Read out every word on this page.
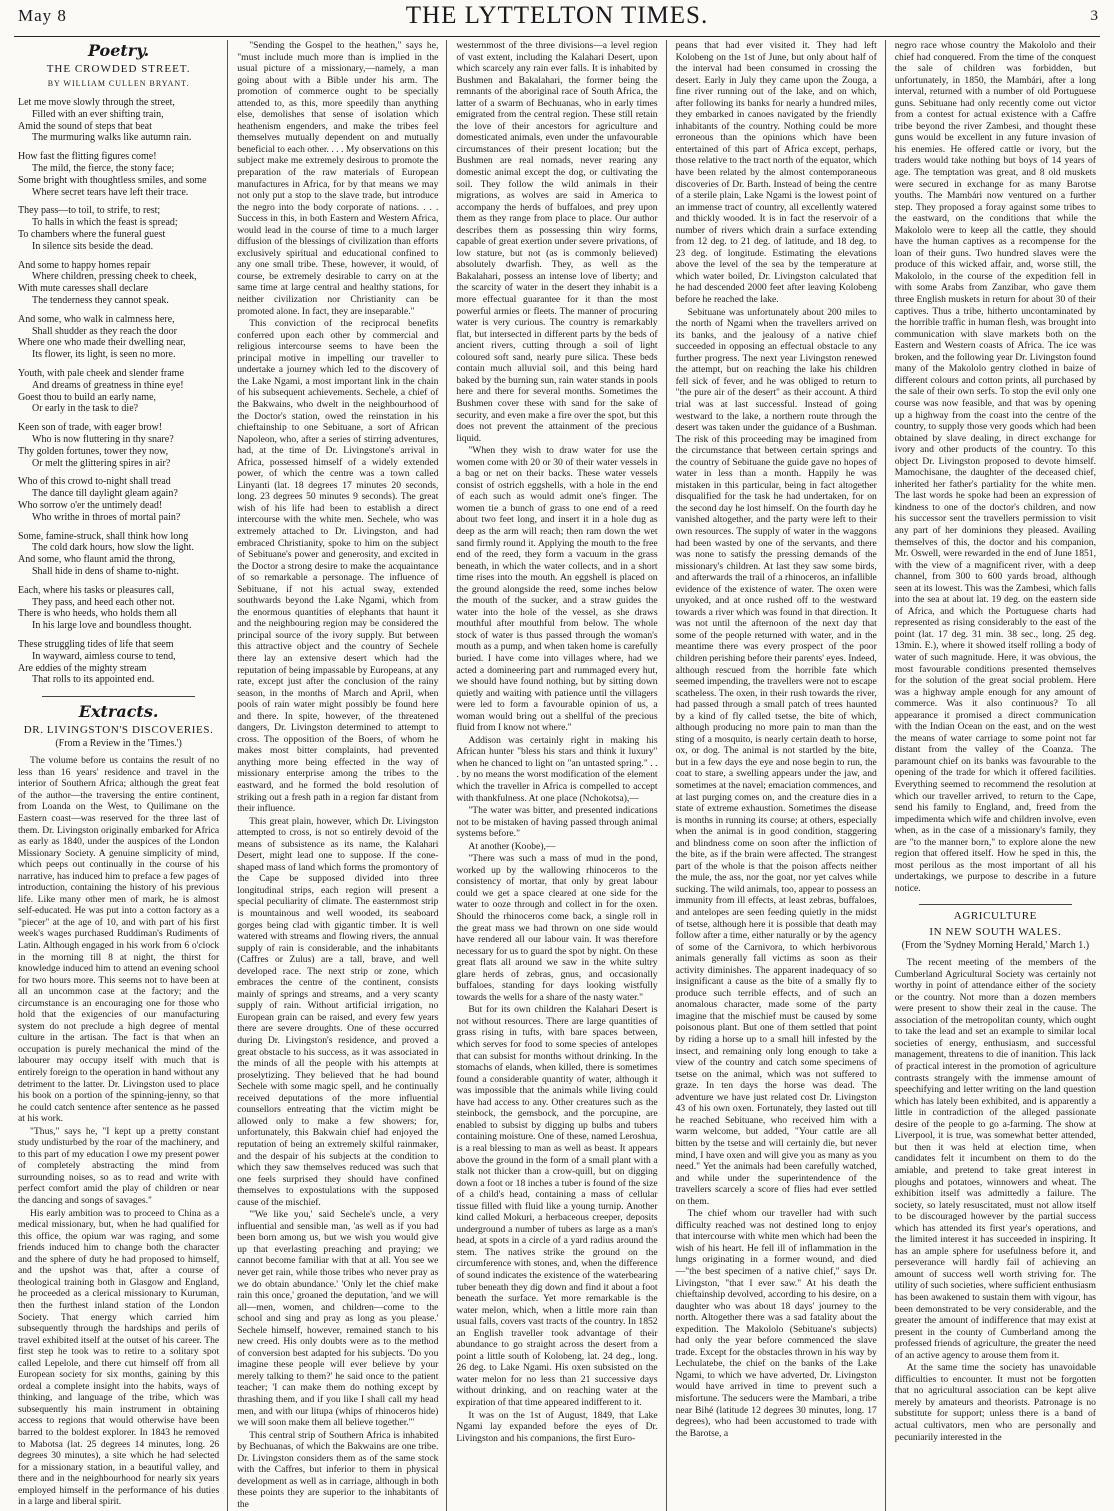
May 8	THE LYTTELTON TIMES.	3
Poetry.
THE CROWDED STREET.
BY WILLIAM CULLEN BRYANT.
Let me move slowly through the street,
Filled with an ever shifting train,
Amid the sound of steps that beat
The murmuring walks like autumn rain.
How fast the flitting figures come!
The mild, the fierce, the stony face;
Some bright with thoughtless smiles, and some
Where secret tears have left their trace.
They pass—to toil, to strife, to rest;
To halls in which the feast is spread;
To chambers where the funeral guest
In silence sits beside the dead.
And some to happy homes repair
Where children, pressing cheek to cheek,
With mute caresses shall declare
The tenderness they cannot speak.
And some, who walk in calmness here,
Shall shudder as they reach the door
Where one who made their dwelling near,
Its flower, its light, is seen no more.
Youth, with pale cheek and slender frame
And dreams of greatness in thine eye!
Goest thou to build an early name,
Or early in the task to die?
Keen son of trade, with eager brow!
Who is now fluttering in thy snare?
Thy golden fortunes, tower they now,
Or melt the glittering spires in air?
Who of this crowd to-night shall tread
The dance till daylight gleam again?
Who sorrow o'er the untimely dead!
Who writhe in throes of mortal pain?
Some, famine-struck, shall think how long
The cold dark hours, how slow the light.
And some, who flaunt amid the throng,
Shall hide in dens of shame to-night.
Each, where his tasks or pleasures call,
They pass, and heed each other not.
There is who heeds, who holds them all
In his large love and boundless thought.
These struggling tides of life that seem
In wayward, aimless course to tend,
Are eddies of the mighty stream
That rolls to its appointed end.
Extracts.
DR. LIVINGSTON'S DISCOVERIES.
(From a Review in the 'Times.')

The volume before us contains the result of no less than 16 years' residence and travel in the interior of Southern Africa; although the great feat of the author—the traversing the entire continent, from Loanda on the West, to Quilimane on the Eastern coast—was reserved for the three last of them. Dr. Livingston originally embarked for Africa as early as 1840, under the auspices of the London Missionary Society. A genuine simplicity of mind, which peeps out continually in the course of his narrative, has induced him to preface a few pages of introduction, containing the history of his previous life. Like many other men of mark, he is almost self-educated. He was put into a cotton factory as a "piecer" at the age of 10, and with part of his first week's wages purchased Ruddiman's Rudiments of Latin. Although engaged in his work from 6 o'clock in the morning till 8 at night, the thirst for knowledge induced him to attend an evening school for two hours more. This seems not to have been at all an uncommon case at the factory; and the circumstance is an encouraging one for those who hold that the exigencies of our manufacturing system do not preclude a high degree of mental culture in the artisan. The fact is that when an occupation is purely mechanical the mind of the labourer may occupy itself with much that is entirely foreign to the operation in hand without any detriment to the latter. Dr. Livingston used to place his book on a portion of the spinning-jenny, so that he could catch sentence after sentence as he passed at his work.

"Thus," says he, "I kept up a pretty constant study undisturbed by the roar of the machinery, and to this part of my education I owe my present power of completely abstracting the mind from surrounding noises, so as to read and write with perfect comfort amid the play of children or near the dancing and songs of savages."

His early ambition was to proceed to China as a medical missionary, but, when he had qualified for this office, the opium war was raging, and some friends induced him to change both the character and the sphere of duty he had proposed to himself, and the upshot was that, after a course of theological training both in Glasgow and England, he proceeded as a clerical missionary to Kuruman, then the furthest inland station of the London Society. That energy which carried him subsequently through the hardships and perils of travel exhibited itself at the outset of his career. The first step he took was to retire to a solitary spot called Lepelole, and there cut himself off from all European society for six months, gaining by this ordeal a complete insight into the habits, ways of thinking, and language of the tribe, which was subsequently his main instrument in obtaining access to regions that would otherwise have been barred to the boldest explorer. In 1843 he removed to Mabotsa (lat. 25 degrees 14 minutes, long. 26 degrees 30 minutes), a site which he had selected for a missionary station, in a beautiful valley, and there and in the neighbourhood for nearly six years employed himself in the performance of his duties in a large and liberal spirit.

"Sending the Gospel to the heathen," says he, "must include much more than is implied in the usual picture of a missionary,—namely, a man going about with a Bible under his arm. The promotion of commerce ought to be specially attended to, as this, more speedily than anything else, demolishes that sense of isolation which heathenism engenders, and make the tribes feel themselves mutually dependent on and mutually beneficial to each other. . . . My observations on this subject make me extremely desirous to promote the preparation of the raw materials of European manufactures in Africa, for by that means we may not only put a stop to the slave trade, but introduce the negro into the body corporate of nations. . . . Success in this, in both Eastern and Western Africa, would lead in the course of time to a much larger diffusion of the blessings of civilization than efforts exclusively spiritual and educational confined to any one small tribe. These, however, it would, of course, be extremely desirable to carry on at the same time at large central and healthy stations, for neither civilization nor Christianity can be promoted alone. In fact, they are inseparable."

This conviction of the reciprocal benefits conferred upon each other by commercial and religious intercourse seems to have been the principal motive in impelling our traveller to undertake a journey which led to the discovery of the Lake Ngami, a most important link in the chain of his subsequent achievements. Sechele, a chief of the Bakwains, who dwelt in the neighbourhood of the Doctor's station, owed the reinstation in his chieftainship to one Sebituane, a sort of African Napoleon, who, after a series of stirring adventures, had, at the time of Dr. Livingstone's arrival in Africa, possessed himself of a widely extended power, of which the centre was a town called Linyanti (lat. 18 degrees 17 minutes 20 seconds, long. 23 degrees 50 minutes 9 seconds). The great wish of his life had been to establish a direct intercourse with the white men. Sechele, who was extremely attached to Dr. Livingston, and had embraced Christianity, spoke to him on the subject of Sebituane's power and generosity, and excited in the Doctor a strong desire to make the acquaintance of so remarkable a personage. The influence of Sebituane, if not his actual sway, extended southwards beyond the Lake Ngami, which from the enormous quantities of elephants that haunt it and the neighbouring region may be considered the principal source of the ivory supply. But between this attractive object and the country of Sechele there lay an extensive desert which had the reputation of being impassable by Europeans, at any rate, except just after the conclusion of the rainy season, in the months of March and April, when pools of rain water might possibly be found here and there. In spite, however, of the threatened dangers, Dr. Livingston determined to attempt to cross. The opposition of the Boers, of whom he makes most bitter complaints, had prevented anything more being effected in the way of missionary enterprise among the tribes to the eastward, and he formed the bold resolution of striking out a fresh path in a region far distant from their influence.

This great plain, however, which Dr. Livingston attempted to cross, is not so entirely devoid of the means of subsistence as its name, the Kalahari Desert, might lead one to suppose. If the cone-shaped mass of land which forms the promontory of the Cape be supposed divided into three longitudinal strips, each region will present a special peculiarity of climate. The easternmost strip is mountainous and well wooded, its seaboard gorges being clad with gigantic timber. It is well watered with streams and flowing rivers, the annual supply of rain is considerable, and the inhabitants (Caffres or Zulus) are a tall, brave, and well developed race. The next strip or zone, which embraces the centre of the continent, consists mainly of springs and streams, and a very scanty supply of rain. Without artificial irrigation, no European grain can be raised, and every few years there are severe droughts. One of these occurred during Dr. Livingston's residence, and proved a great obstacle to his success, as it was associated in the minds of all the people with his attempts at proselytizing. They believed that he had bound Sechele with some magic spell, and he continually received deputations of the more influential counsellors entreating that the victim might be allowed only to make a few showers; for, unfortunately, this Bakwain chief had enjoyed the reputation of being an extremely skilful rainmaker, and the despair of his subjects at the condition to which they saw themselves reduced was such that one feels surprised they should have confined themselves to expostulations with the supposed cause of the mischief.

"'We like you,' said Sechele's uncle, a very influential and sensible man, 'as well as if you had been born among us, but we wish you would give up that everlasting preaching and praying; we cannot become familiar with that at all. You see we never get rain, while those tribes who never pray as we do obtain abundance.' 'Only let the chief make rain this once,' groaned the deputation, 'and we will all—men, women, and children—come to the school and sing and pray as long as you please.' Sechele himself, however, remained stanch to his new creed. His only doubts were as to the method of conversion best adapted for his subjects. 'Do you imagine these people will ever believe by your merely talking to them?' he said once to the patient teacher; 'I can make them do nothing except by thrashing them, and if you like I shall call my head men, and with our litupa (whips of rhinoceros hide) we will soon make them all believe together.'"

This central strip of Southern Africa is inhabited by Bechuanas, of which the Bakwains are one tribe. Dr. Livingston considers them as of the same stock with the Caffres, but inferior to them in physical development as well as in carriage, although in both these points they are superior to the inhabitants of the

westernmost of the three divisions—a level region of vast extent, including the Kalahari Desert, upon which scarcely any rain ever falls. It is inhabited by Bushmen and Bakalahari, the former being the remnants of the aboriginal race of South Africa, the latter of a swarm of Bechuanas, who in early times emigrated from the central region. These still retain the love of their ancestors for agriculture and domesticated animals, even under the unfavourable circumstances of their present location; but the Bushmen are real nomads, never rearing any domestic animal except the dog, or cultivating the soil. They follow the wild animals in their migrations, as wolves are said in America to accompany the herds of buffaloes, and prey upon them as they range from place to place. Our author describes them as possessing thin wiry forms, capable of great exertion under severe privations, of low stature, but not (as is commonly believed) absolutely dwarfish. They, as well as the Bakalahari, possess an intense love of liberty; and the scarcity of water in the desert they inhabit is a more effectual guarantee for it than the most powerful armies or fleets. The manner of procuring water is very curious. The country is remarkably flat, but intersected in different parts by the beds of ancient rivers, cutting through a soil of light coloured soft sand, nearly pure silica. These beds contain much alluvial soil, and this being hard baked by the burning sun, rain water stands in pools here and there for several months. Sometimes the Bushmen cover these with sand for the sake of security, and even make a fire over the spot, but this does not prevent the attainment of the precious liquid.

"When they wish to draw water for use the women come with 20 or 30 of their water vessels in a bag or net on their backs. These water vessels consist of ostrich eggshells, with a hole in the end of each such as would admit one's finger. The women tie a bunch of grass to one end of a reed about two feet long, and insert it in a hole dug as deep as the arm will reach; then ram down the wet sand firmly round it. Applying the mouth to the free end of the reed, they form a vacuum in the grass beneath, in which the water collects, and in a short time rises into the mouth. An eggshell is placed on the ground alongside the reed, some inches below the mouth of the sucker, and a straw guides the water into the hole of the vessel, as she draws mouthful after mouthful from below. The whole stock of water is thus passed through the woman's mouth as a pump, and when taken home is carefully buried. I have come into villages where, had we acted a domineering part and rummaged every hut, we should have found nothing, but by sitting down quietly and waiting with patience until the villagers were led to form a favourable opinion of us, a woman would bring out a shellful of the precious fluid from I know not where."

Addison was certainly right in making his African hunter "bless his stars and think it luxury" when he chanced to light on "an untasted spring." . . . by no means the worst modification of the element which the traveller in Africa is compelled to accept with thankfulness. At one place (Nchokotsa),—

"The water was bitter, and presented indications not to be mistaken of having passed through animal systems before."

At another (Koobe),—

"There was such a mass of mud in the pond, worked up by the wallowing rhinoceros to the consistency of mortar, that only by great labour could we get a space cleared at one side for the water to ooze through and collect in for the oxen. Should the rhinoceros come back, a single roll in the great mass we had thrown on one side would have rendered all our labour vain. It was therefore necessary for us to guard the spot by night. On these great flats all around we saw in the white sultry glare herds of zebras, gnus, and occasionally buffaloes, standing for days looking wistfully towards the wells for a share of the nasty water."

But for its own children the Kalahari Desert is not without resources. There are large quantities of grass rising in tufts, with bare spaces between, which serves for food to some species of antelopes that can subsist for months without drinking. In the stomachs of elands, when killed, there is sometimes found a considerable quantity of water, although it was impossible that the animals while living could have had access to any. Other creatures such as the steinbock, the gemsbock, and the porcupine, are enabled to subsist by digging up bulbs and tubers containing moisture. One of these, named Leroshua, is a real blessing to man as well as beast. It appears above the ground in the form of a small plant with a stalk not thicker than a crow-quill, but on digging down a foot or 18 inches a tuber is found of the size of a child's head, containing a mass of cellular tissue filled with fluid like a young turnip. Another kind called Mokuri, a herbaceous creeper, deposits underground a number of tubers as large as a man's head, at spots in a circle of a yard radius around the stem. The natives strike the ground on the circumference with stones, and, when the difference of sound indicates the existence of the waterbearing tuber beneath they dig down and find it about a foot beneath the surface. Yet more remarkable is the water melon, which, when a little more rain than usual falls, covers vast tracts of the country. In 1852 an English traveller took advantage of their abundance to go straight across the desert from a point a little south of Kolobeng, lat. 24 deg., long. 26 deg. to Lake Ngami. His oxen subsisted on the water melon for no less than 21 successive days without drinking, and on reaching water at the expiration of that time appeared indifferent to it.

It was on the 1st of August, 1849, that Lake Ngami lay expanded before the eyes of Dr. Livingston and his companions, the first Euro-

peans that had ever visited it. They had left Kolobeng on the 1st of June, but only about half of the interval had been consumed in crossing the desert. Early in July they came upon the Zouga, a fine river running out of the lake, and on which, after following its banks for nearly a hundred miles, they embarked in canoes navigated by the friendly inhabitants of the country. Nothing could be more erroneous than the opinions which have been entertained of this part of Africa except, perhaps, those relative to the tract north of the equator, which have been related by the almost contemporaneous discoveries of Dr. Barth. Instead of being the centre of a sterile plain, Lake Ngami is the lowest point of an immense tract of country, all excellently watered and thickly wooded. It is in fact the reservoir of a number of rivers which drain a surface extending from 12 deg. to 21 deg. of latitude, and 18 deg. to 23 deg. of longitude. Estimating the elevations above the level of the sea by the temperature at which water boiled, Dr. Livingston calculated that he had descended 2000 feet after leaving Kolobeng before he reached the lake.

Sebituane was unfortunately about 200 miles to the north of Ngami when the travellers arrived on its banks, and the jealousy of a native chief succeeded in opposing an effectual obstacle to any further progress. The next year Livingston renewed the attempt, but on reaching the lake his children fell sick of fever, and he was obliged to return to "the pure air of the desert" as their account. A third trial was at last successful. Instead of going westward to the lake, a northern route through the desert was taken under the guidance of a Bushman. The risk of this proceeding may be imagined from the circumstance that between certain springs and the country of Sebituane the guide gave no hopes of water in less than a month. Happily he was mistaken in this particular, being in fact altogether disqualified for the task he had undertaken, for on the second day he lost himself. On the fourth day he vanished altogether, and the party were left to their own resources. The supply of water in the waggons had been wasted by one of the servants, and there was none to satisfy the pressing demands of the missionary's children. At last they saw some birds, and afterwards the trail of a rhinoceros, an infallible evidence of the existence of water. The oxen were unyoked, and at once rushed off to the westward towards a river which was found in that direction. It was not until the afternoon of the next day that some of the people returned with water, and in the meantime there was every prospect of the poor children perishing before their parents' eyes. Indeed, although rescued from the horrible fate which seemed impending, the travellers were not to escape scatheless. The oxen, in their rush towards the river, had passed through a small patch of trees haunted by a kind of fly called tsetse, the bite of which, although producing no more pain to man than the sting of a mosquito, is nearly certain death to horse, ox, or dog. The animal is not startled by the bite, but in a few days the eye and nose begin to run, the coat to stare, a swelling appears under the jaw, and sometimes at the navel; emaciation commences, and at last purging comes on, and the creature dies in a state of extreme exhaustion. Sometimes the disease is months in running its course; at others, especially when the animal is in good condition, staggering and blindness come on soon after the infliction of the bite, as if the brain were affected. The strangest part of the whole is that the poison affects neither the mule, the ass, nor the goat, nor yet calves while sucking. The wild animals, too, appear to possess an immunity from ill effects, at least zebras, buffaloes, and antelopes are seen feeding quietly in the midst of tsetse, although here it is possible that death may follow after a time, either naturally or by the agency of some of the Carnivora, to which herbivorous animals generally fall victims as soon as their activity diminishes. The apparent inadequacy of so insignificant a cause as the bite of a smally fly to produce such terrible effects, and of such an anomalous character, made some of the party imagine that the mischief must be caused by some poisonous plant. But one of them settled that point by riding a horse up to a small hill infested by the insect, and remaining only long enough to take a view of the country and catch some specimens of tsetse on the animal, which was not suffered to graze. In ten days the horse was dead. The adventure we have just related cost Dr. Livingston 43 of his own oxen. Fortunately, they lasted out till he reached Sebituane, who received him with a warm welcome, but added, "Your cattle are all bitten by the tsetse and will certainly die, but never mind, I have oxen and will give you as many as you need." Yet the animals had been carefully watched, and while under the superintendence of the travellers scarcely a score of flies had ever settled on them.

The chief whom our traveller had with such difficulty reached was not destined long to enjoy that intercourse with white men which had been the wish of his heart. He fell ill of inflammation in the lungs originating in a former wound, and died—"the best specimen of a native chief," says Dr. Livingston, "that I ever saw." At his death the chieftainship devolved, according to his desire, on a daughter who was about 18 days' journey to the north. Altogether there was a sad fatality about the expedition. The Makololo (Sebituane's subjects) had only the year before commenced the slave trade. Except for the obstacles thrown in his way by Lechulatebe, the chief on the banks of the Lake Ngami, to which we have adverted, Dr. Livingston would have arrived in time to prevent such a misfortune. The seducers were the Mambari, a tribe near Bihé (latitude 12 degrees 30 minutes, long. 17 degrees), who had been accustomed to trade with the Barotse, a

negro race whose country the Makololo and their chief had conquered. From the time of the conquest the sale of children was forbidden, but unfortunately, in 1850, the Mambári, after a long interval, returned with a number of old Portuguese guns. Sebituane had only recently come out victor from a contest for actual existence with a Caffre tribe beyond the river Zambesi, and thought these guns would be excellent in any future invasion of his enemies. He offered cattle or ivory, but the traders would take nothing but boys of 14 years of age. The temptation was great, and 8 old muskets were secured in exchange for as many Barotse youths. The Mambári now ventured on a further step. They proposed a foray against some tribes to the eastward, on the conditions that while the Makololo were to keep all the cattle, they should have the human captives as a recompense for the loan of their guns. Two hundred slaves were the produce of this wicked affair, and, worse still, the Makololo, in the course of the expedition fell in with some Arabs from Zanzibar, who gave them three English muskets in return for about 30 of their captives. Thus a tribe, hitherto uncontaminated by the horrible traffic in human flesh, was brought into communication with slave markets both on the Eastern and Western coasts of Africa. The ice was broken, and the following year Dr. Livingston found many of the Makololo gentry clothed in baize of different colours and cotton prints, all purchased by the sale of their own serfs. To stop the evil only one course was now feasible, and that was by opening up a highway from the coast into the centre of the country, to supply those very goods which had been obtained by slave dealing, in direct exchange for ivory and other products of the country. To this object Dr. Livingston proposed to devote himself. Mamochisane, the daughter of the deceased chief, inherited her father's partiality for the white men. The last words he spoke had been an expression of kindness to one of the doctor's children, and now his successor sent the travellers permission to visit any part of her dominions they pleased. Availing themselves of this, the doctor and his companion, Mr. Oswell, were rewarded in the end of June 1851, with the view of a magnificent river, with a deep channel, from 300 to 600 yards broad, although seen at its lowest. This was the Zambesi, which falls into the sea at about lat. 19 deg. on the eastern side of Africa, and which the Portuguese charts had represented as rising considerably to the east of the point (lat. 17 deg. 31 min. 38 sec., long. 25 deg. 13min. E.), where it showed itself rolling a body of water of such magnitude. Here, it was obvious, the most favourable conditions presented themselves for the solution of the great social problem. Here was a highway ample enough for any amount of commerce. Was it also continuous? To all appearance it promised a direct communication with the Indian Ocean on the east, and on the west the means of water carriage to some point not far distant from the valley of the Coanza. The paramount chief on its banks was favourable to the opening of the trade for which it offered facilities. Everything seemed to recommend the resolution at which our traveller arrived, to return to the Cape, send his family to England, and, freed from the impedimenta which wife and children involve, even when, as in the case of a missionary's family, they are "to the manner born," to explore alone the new region that offered itself. How he sped in this, the most perilous as the most important of all his undertakings, we purpose to describe in a future notice.

AGRICULTURE
IN NEW SOUTH WALES.
(From the 'Sydney Morning Herald,' March 1.)

The recent meeting of the members of the Cumberland Agricultural Society was certainly not worthy in point of attendance either of the society or the country. Not more than a dozen members were present to show their zeal in the cause. The association of the metropolitan county, which ought to take the lead and set an example to similar local societies of energy, enthusiasm, and successful management, threatens to die of inanition. This lack of practical interest in the promotion of agriculture contrasts strangely with the immense amount of speechifying and letter writing on the land question which has lately been exhibited, and is apparently a little in contradiction of the alleged passionate desire of the people to go a-farming. The show at Liverpool, it is true, was somewhat better attended, but then it was held at election time, when candidates felt it incumbent on them to do the amiable, and pretend to take great interest in ploughs and potatoes, winnowers and wheat. The exhibition itself was admittedly a failure. The society, so lately resuscitated, must not allow itself to be discouraged however by the partial success which has attended its first year's operations, and the limited interest it has succeeded in inspiring. It has an ample sphere for usefulness before it, and perseverance will hardly fail of achieving an amount of success well worth striving for. The utility of such societies, where sufficient enthusiasm has been awakened to sustain them with vigour, has been demonstrated to be very considerable, and the greater the amount of indifference that may exist at present in the county of Cumberland among the professed friends of agriculture, the greater the need of an active agency to arouse them from it.

At the same time the society has unavoidable difficulties to encounter. It must not be forgotten that no agricultural association can be kept alive merely by amateurs and theorists. Patronage is no substitute for support; unless there is a band of actual cultivators, men who are personally and pecuniarily interested in the
